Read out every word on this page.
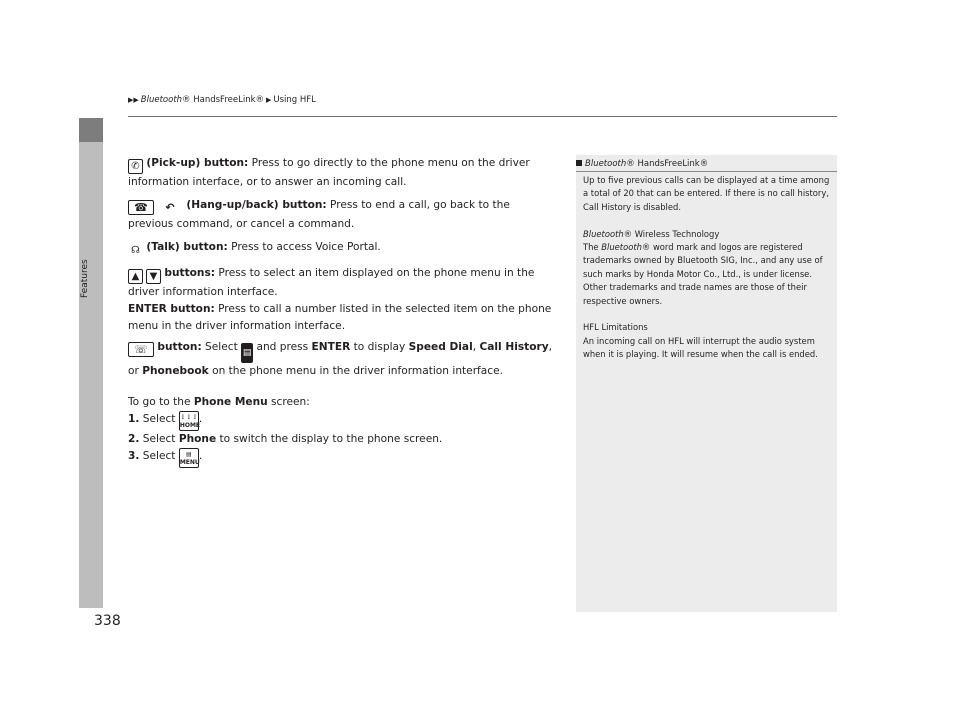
▶▶ Bluetooth® HandsFreeLink® ▶ Using HFL
Features
338

✆ (Pick-up) button: Press to go directly to the phone menu on the driver information interface, or to answer an incoming call.

☎ ↶ (Hang-up/back) button: Press to end a call, go back to the previous command, or cancel a command.

☊ (Talk) button: Press to access Voice Portal.

▲ ▼ buttons: Press to select an item displayed on the phone menu in the driver information interface.

ENTER button: Press to call a number listed in the selected item on the phone menu in the driver information interface.

☏ button: Select ▤ and press ENTER to display Speed Dial, Call History, or Phonebook on the phone menu in the driver information interface.

To go to the Phone Menu screen:

1. Select ⋮⋮⋮
HOME.

2. Select Phone to switch the display to the phone screen.

3. Select ▤
MENU.

Bluetooth® HandsFreeLink®

Up to five previous calls can be displayed at a time among a total of 20 that can be entered. If there is no call history, Call History is disabled.

Bluetooth® Wireless Technology

The Bluetooth® word mark and logos are registered trademarks owned by Bluetooth SIG, Inc., and any use of such marks by Honda Motor Co., Ltd., is under license. Other trademarks and trade names are those of their respective owners.

HFL Limitations

An incoming call on HFL will interrupt the audio system when it is playing. It will resume when the call is ended.
